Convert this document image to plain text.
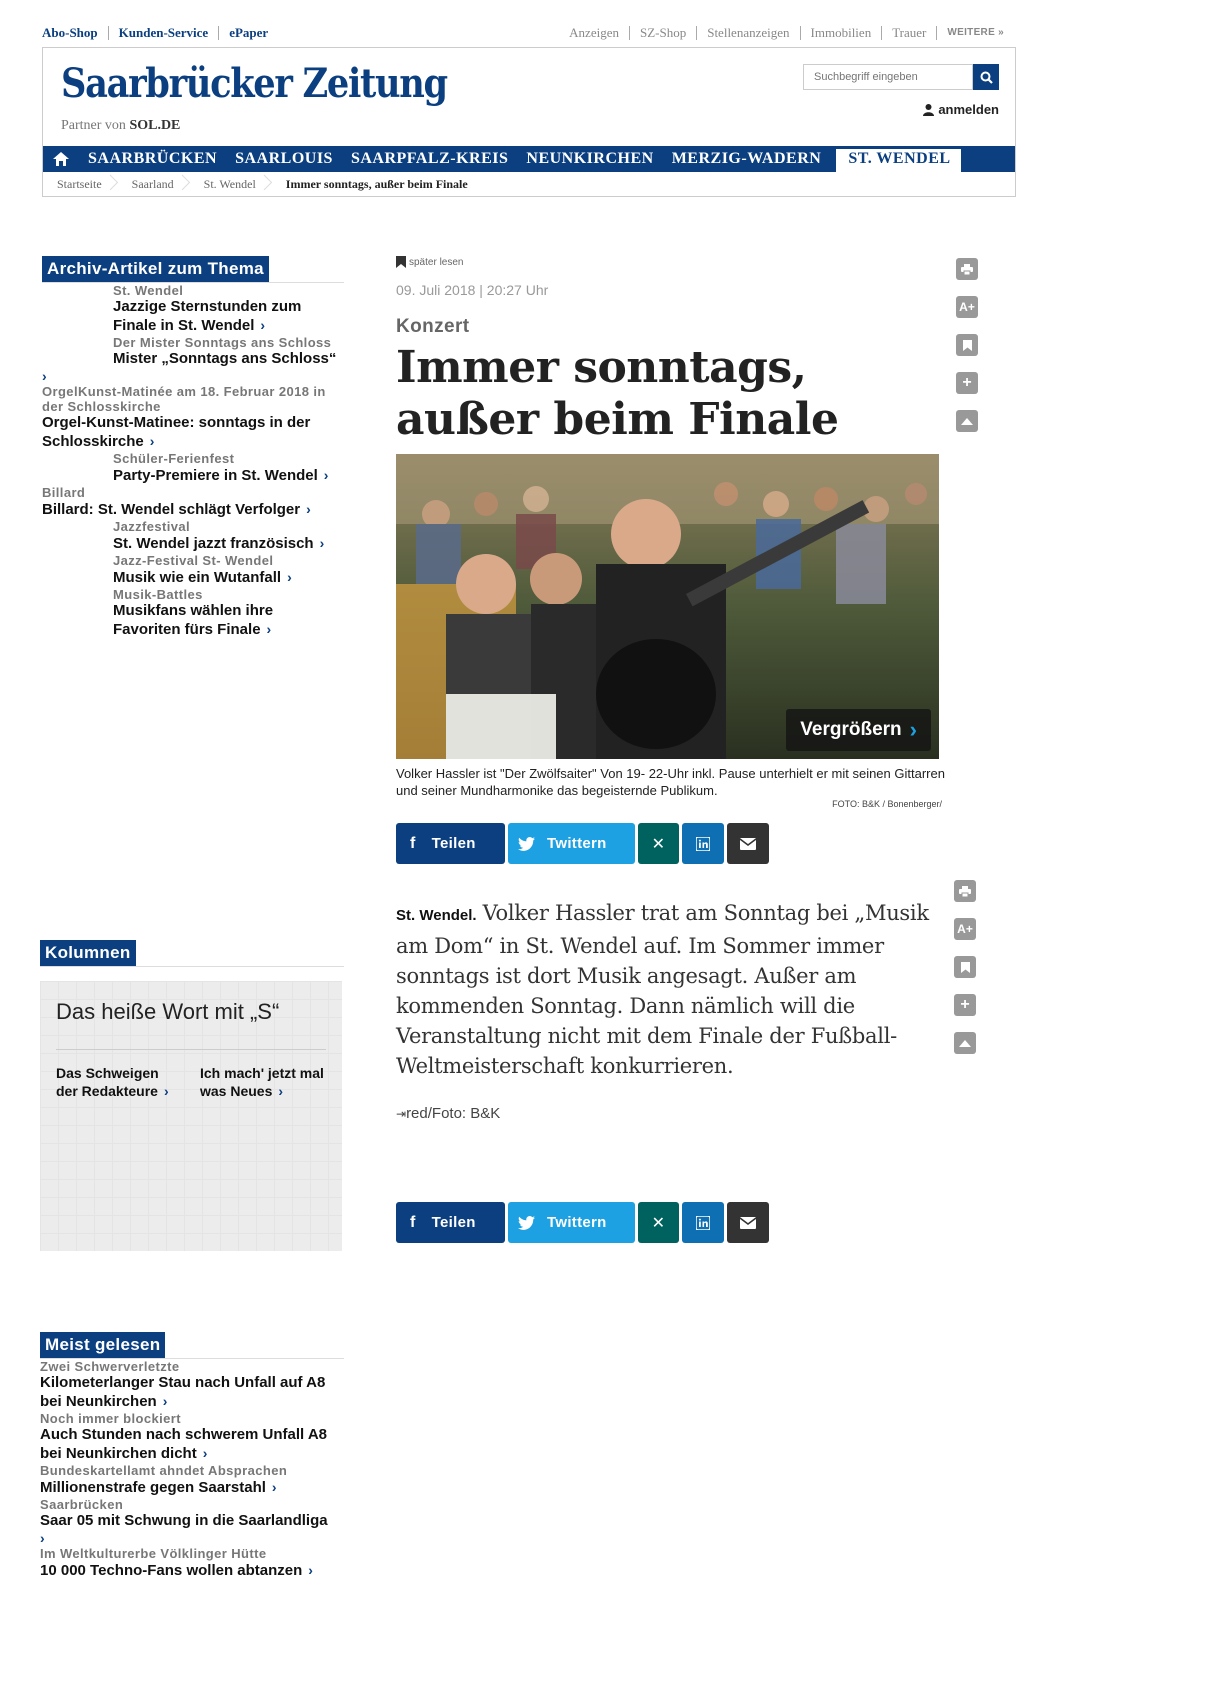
Abo-Shop	Kunden-Service	ePaper	Anzeigen	SZ-Shop	Stellenanzeigen	Immobilien	Trauer	WEITERE »
Saarbrücker Zeitung
Partner von SOL.DE
Suchbegriff eingeben
anmelden
SAARBRÜCKEN	SAARLOUIS	SAARPFALZ-KREIS	NEUNKIRCHEN	MERZIG-WADERN	ST. WENDEL
Startseite	Saarland	St. Wendel	Immer sonntags, außer beim Finale
Archiv-Artikel zum Thema
St. Wendel
Jazzige Sternstunden zum Finale in St. Wendel ›
Der Mister Sonntags ans Schloss
Mister „Sonntags ans Schloss“
›
OrgelKunst-Matinée am 18. Februar 2018 in der Schlosskirche
Orgel-Kunst-Matinee: sonntags in der Schlosskirche ›
Schüler-Ferienfest
Party-Premiere in St. Wendel ›
Billard
Billard: St. Wendel schlägt Verfolger ›
Jazzfestival
St. Wendel jazzt französisch ›
Jazz-Festival St- Wendel
Musik wie ein Wutanfall ›
Musik-Battles
Musikfans wählen ihre Favoriten fürs Finale ›
Kolumnen
Das heiße Wort mit „S“
Das Schweigen der Redakteure ›
Ich mach' jetzt mal was Neues ›
Meist gelesen
Zwei Schwerverletzte
Kilometerlanger Stau nach Unfall auf A8 bei Neunkirchen ›
Noch immer blockiert
Auch Stunden nach schwerem Unfall A8 bei Neunkirchen dicht ›
Bundeskartellamt ahndet Absprachen
Millionenstrafe gegen Saarstahl ›
Saarbrücken
Saar 05 mit Schwung in die Saarlandliga
›
Im Weltkulturerbe Völklinger Hütte
10 000 Techno-Fans wollen abtanzen ›
später lesen
09. Juli 2018 | 20:27 Uhr
Konzert
Immer sonntags, außer beim Finale
Vergrößern ›
Volker Hassler ist "Der Zwölfsaiter" Von 19- 22-Uhr inkl. Pause unterhielt er mit seinen Gittarren und seiner Mundharmonike das begeisternde Publikum.
FOTO: B&K / Bonenberger/
f Teilen	Twittern	✕

St. Wendel. Volker Hassler trat am Sonntag bei „Musik am Dom“ in St. Wendel auf. Im Sommer immer sonntags ist dort Musik angesagt. Außer am kommenden Sonntag. Dann nämlich will die Veranstaltung nicht mit dem Finale der Fußball-Weltmeisterschaft konkurrieren.

⇥red/Foto: B&K
f Teilen	Twittern	✕
A+
+
A+
+
